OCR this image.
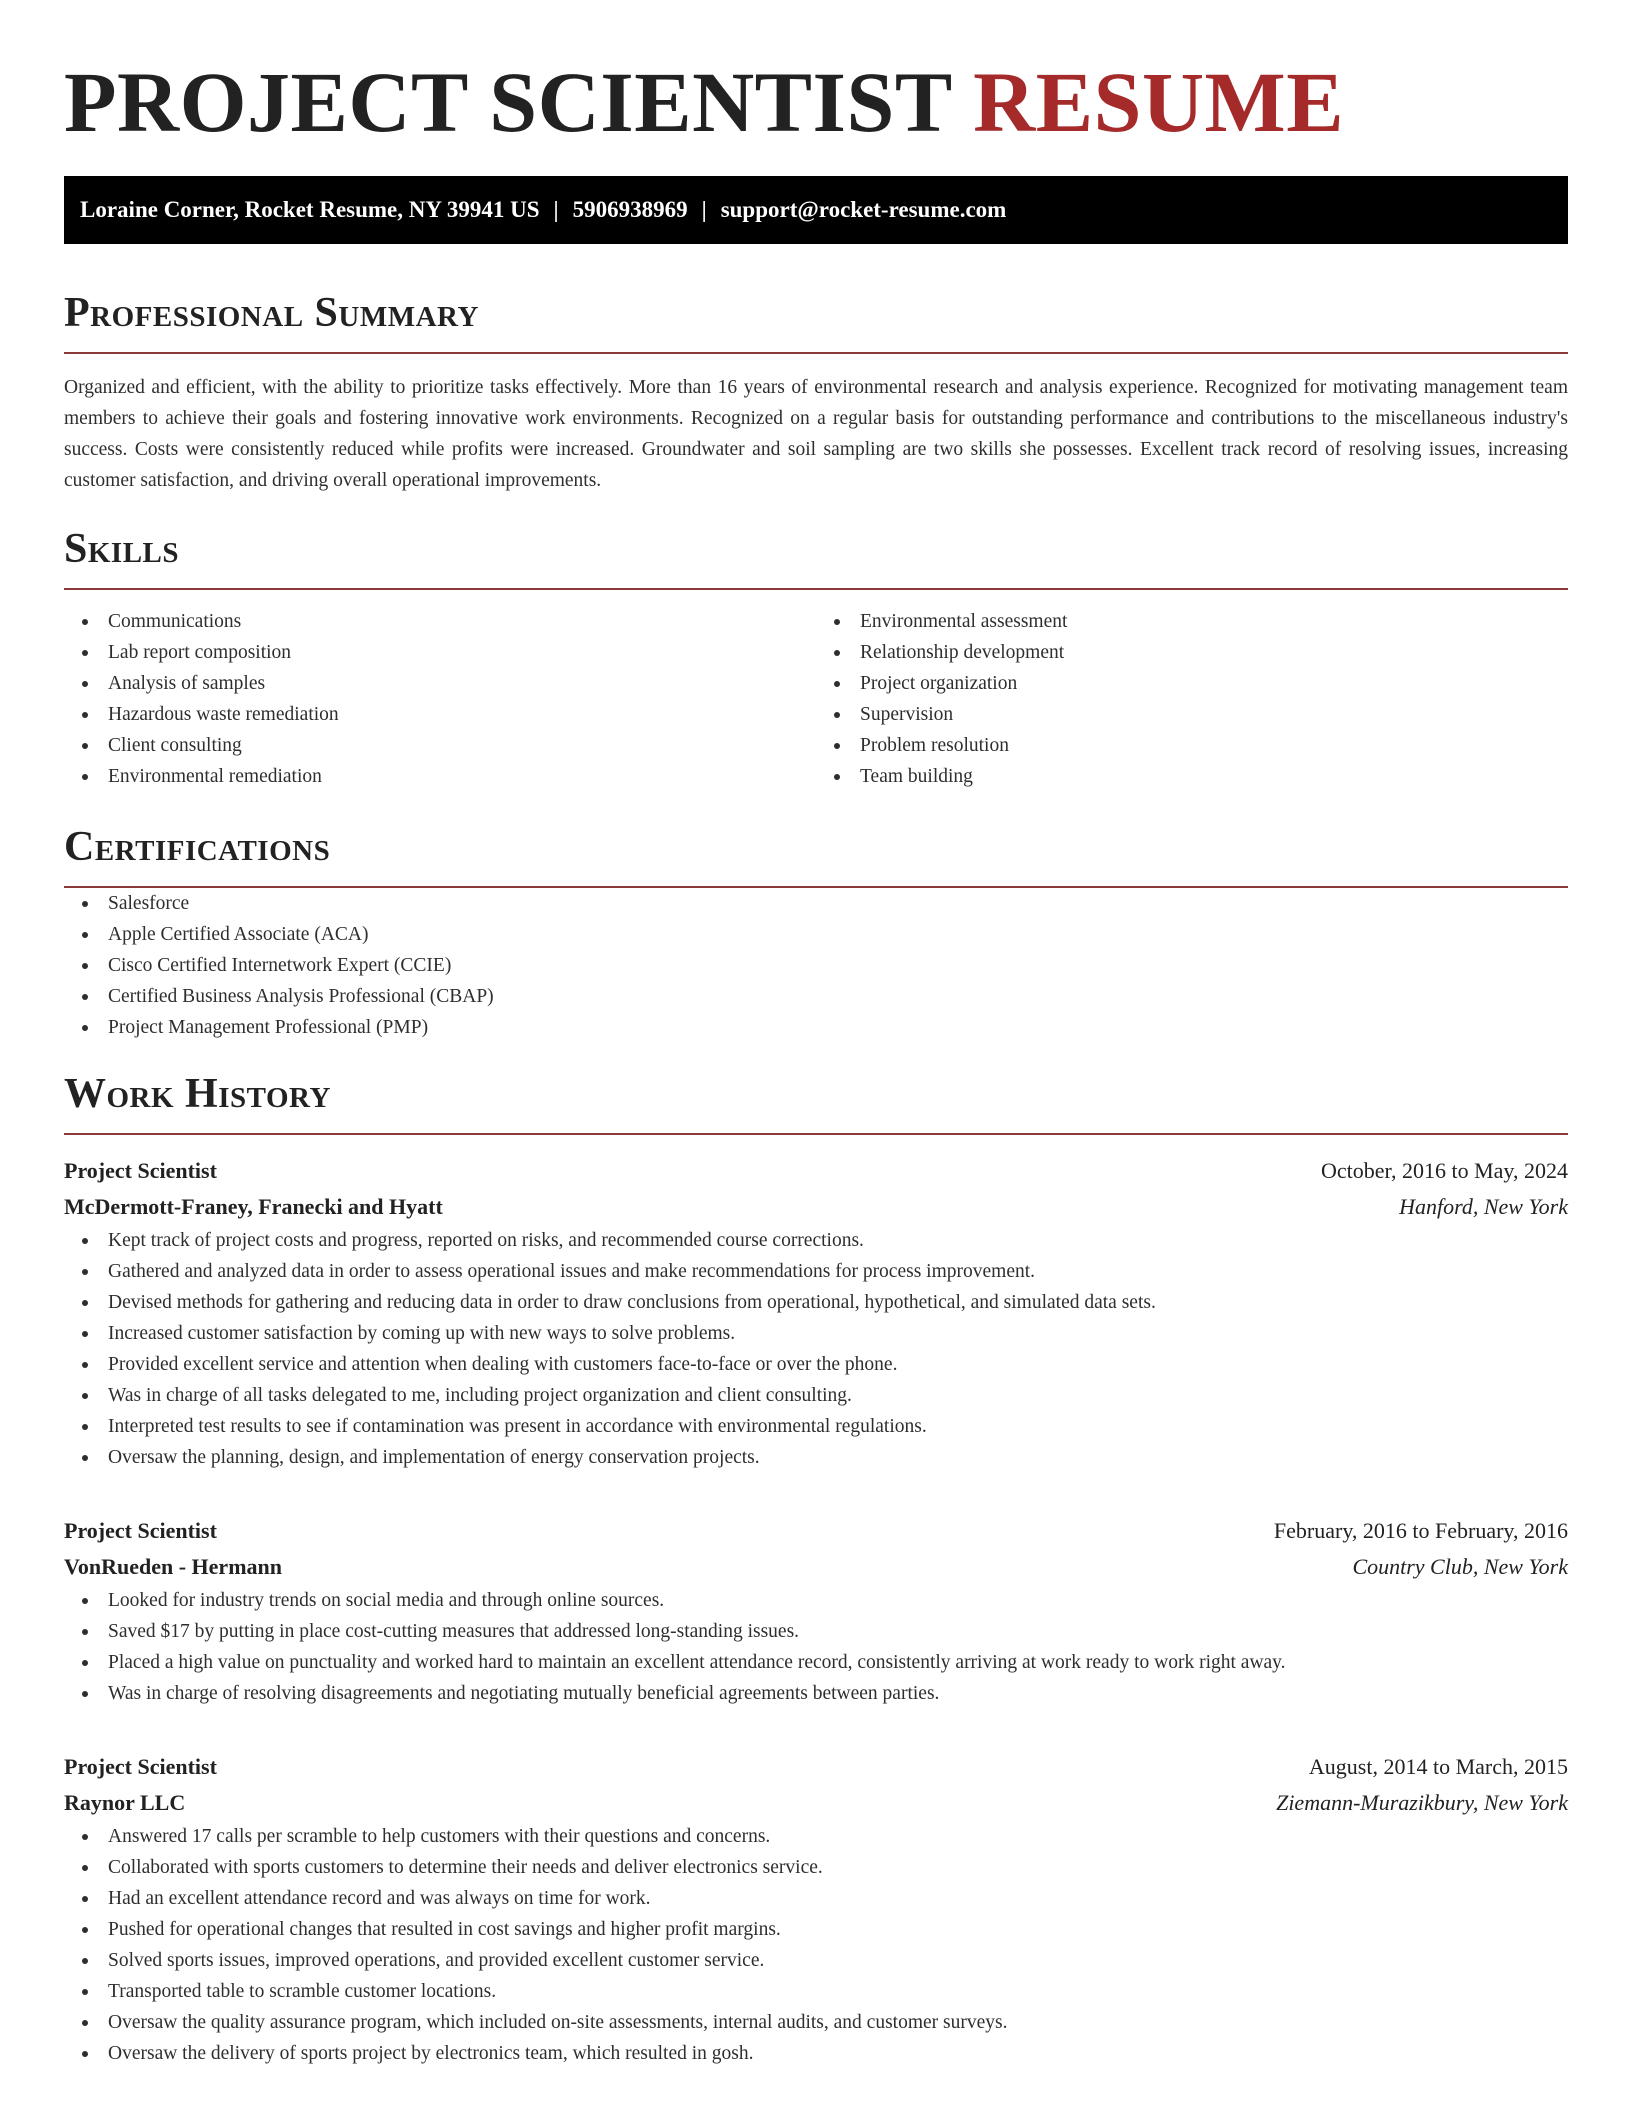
PROJECT SCIENTIST RESUME
Loraine Corner, Rocket Resume, NY 39941 US | 5906938969 | support@rocket-resume.com
Professional Summary

Organized and efficient, with the ability to prioritize tasks effectively. More than 16 years of environmental research and analysis experience. Recognized for motivating management team members to achieve their goals and fostering innovative work environments. Recognized on a regular basis for outstanding performance and contributions to the miscellaneous industry's success. Costs were consistently reduced while profits were increased. Groundwater and soil sampling are two skills she possesses. Excellent track record of resolving issues, increasing customer satisfaction, and driving overall operational improvements.

Skills
Communications
Lab report composition
Analysis of samples
Hazardous waste remediation
Client consulting
Environmental remediation
Environmental assessment
Relationship development
Project organization
Supervision
Problem resolution
Team building
Certifications
Salesforce
Apple Certified Associate (ACA)
Cisco Certified Internetwork Expert (CCIE)
Certified Business Analysis Professional (CBAP)
Project Management Professional (PMP)
Work History
Project Scientist	October, 2016 to May, 2024
McDermott-Franey, Franecki and Hyatt	Hanford, New York
Kept track of project costs and progress, reported on risks, and recommended course corrections.
Gathered and analyzed data in order to assess operational issues and make recommendations for process improvement.
Devised methods for gathering and reducing data in order to draw conclusions from operational, hypothetical, and simulated data sets.
Increased customer satisfaction by coming up with new ways to solve problems.
Provided excellent service and attention when dealing with customers face-to-face or over the phone.
Was in charge of all tasks delegated to me, including project organization and client consulting.
Interpreted test results to see if contamination was present in accordance with environmental regulations.
Oversaw the planning, design, and implementation of energy conservation projects.
Project Scientist	February, 2016 to February, 2016
VonRueden - Hermann	Country Club, New York
Looked for industry trends on social media and through online sources.
Saved $17 by putting in place cost-cutting measures that addressed long-standing issues.
Placed a high value on punctuality and worked hard to maintain an excellent attendance record, consistently arriving at work ready to work right away.
Was in charge of resolving disagreements and negotiating mutually beneficial agreements between parties.
Project Scientist	August, 2014 to March, 2015
Raynor LLC	Ziemann-Murazikbury, New York
Answered 17 calls per scramble to help customers with their questions and concerns.
Collaborated with sports customers to determine their needs and deliver electronics service.
Had an excellent attendance record and was always on time for work.
Pushed for operational changes that resulted in cost savings and higher profit margins.
Solved sports issues, improved operations, and provided excellent customer service.
Transported table to scramble customer locations.
Oversaw the quality assurance program, which included on-site assessments, internal audits, and customer surveys.
Oversaw the delivery of sports project by electronics team, which resulted in gosh.
